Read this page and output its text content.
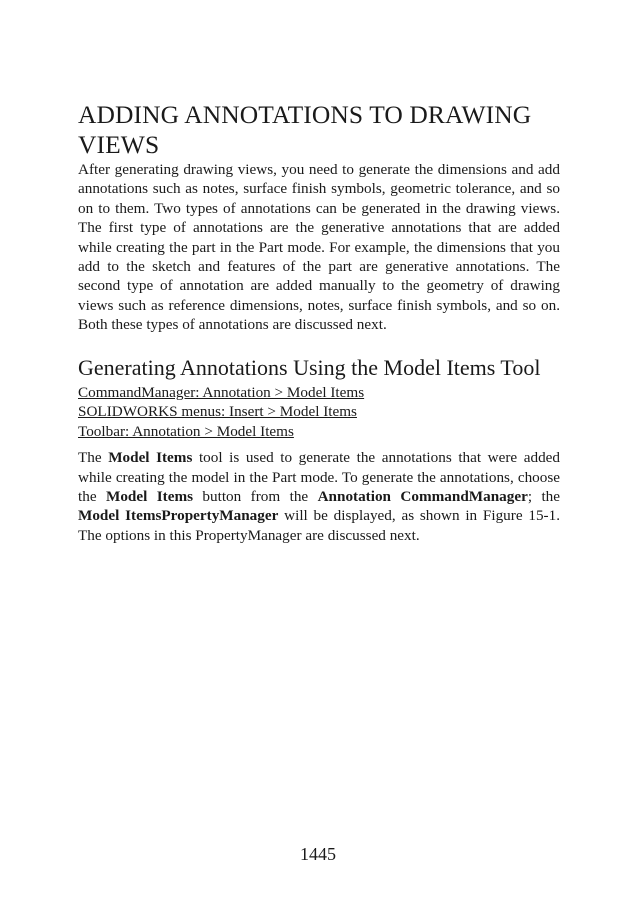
ADDING ANNOTATIONS TO DRAWING VIEWS

After generating drawing views, you need to generate the dimensions and add annotations such as notes, surface finish symbols, geometric tolerance, and so on to them. Two types of annotations can be generated in the drawing views. The first type of annotations are the generative annotations that are added while creating the part in the Part mode. For example, the dimensions that you add to the sketch and features of the part are generative annotations. The second type of annotation are added manually to the geometry of drawing views such as reference dimensions, notes, surface finish symbols, and so on. Both these types of annotations are discussed next.

Generating Annotations Using the Model Items Tool
CommandManager: Annotation > Model Items
SOLIDWORKS menus: Insert > Model Items
Toolbar: Annotation > Model Items

The Model Items tool is used to generate the annotations that were added while creating the model in the Part mode. To generate the annotations, choose the Model Items button from the Annotation CommandManager; the Model ItemsPropertyManager will be displayed, as shown in Figure 15-1. The options in this PropertyManager are discussed next.

1445
